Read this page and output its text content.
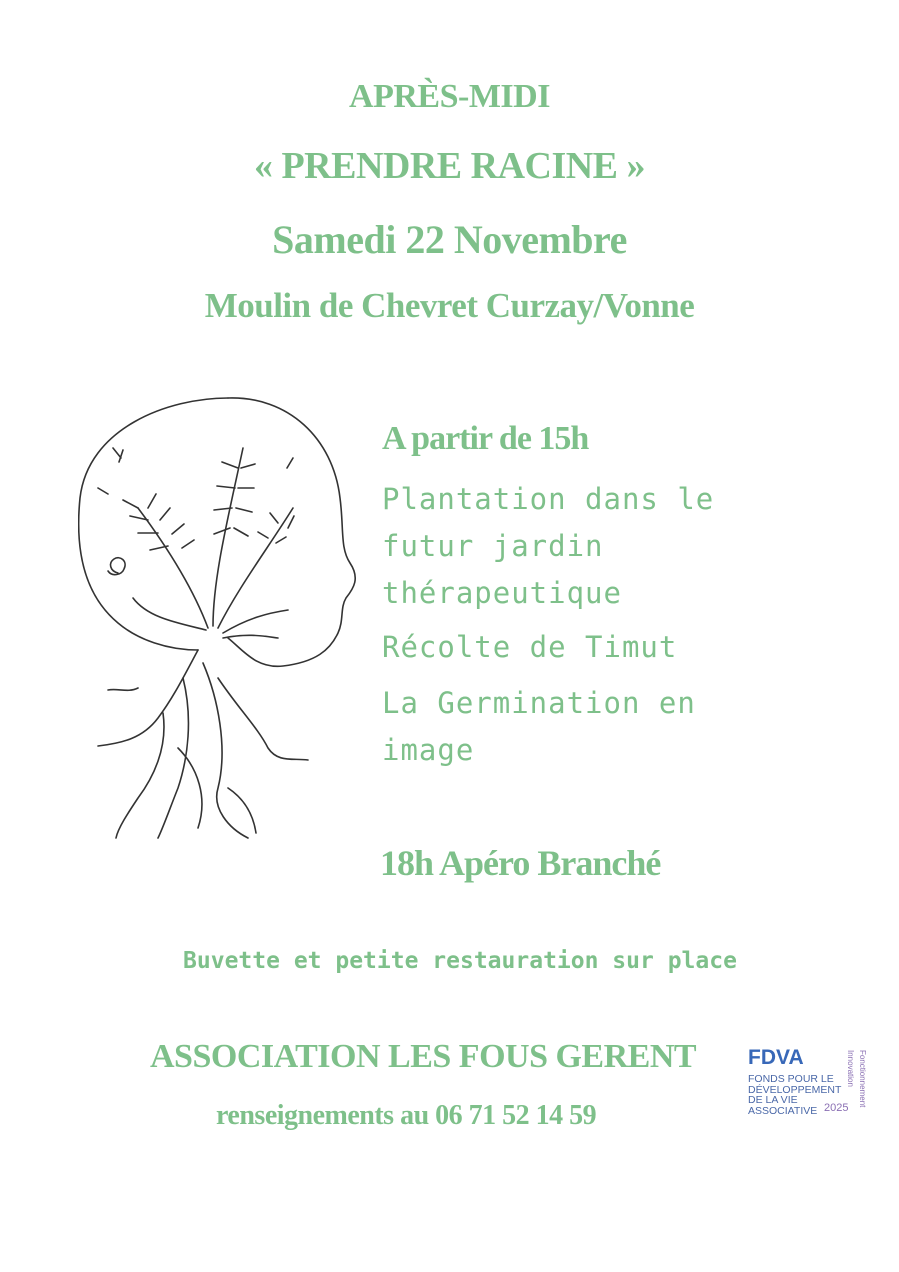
APRÈS-MIDI
« PRENDRE RACINE »
Samedi 22 Novembre
Moulin de Chevret Curzay/Vonne
A partir de 15h
Plantation dans le futur jardin thérapeutique
Récolte de Timut
La Germination en image
18h Apéro Branché
Buvette et petite restauration sur place
ASSOCIATION LES FOUS GERENT
renseignements au 06 71 52 14 59
FDVA
FONDS POUR LE DÉVELOPPEMENT DE LA VIE ASSOCIATIVE 2025
Innovation Fonctionnement
